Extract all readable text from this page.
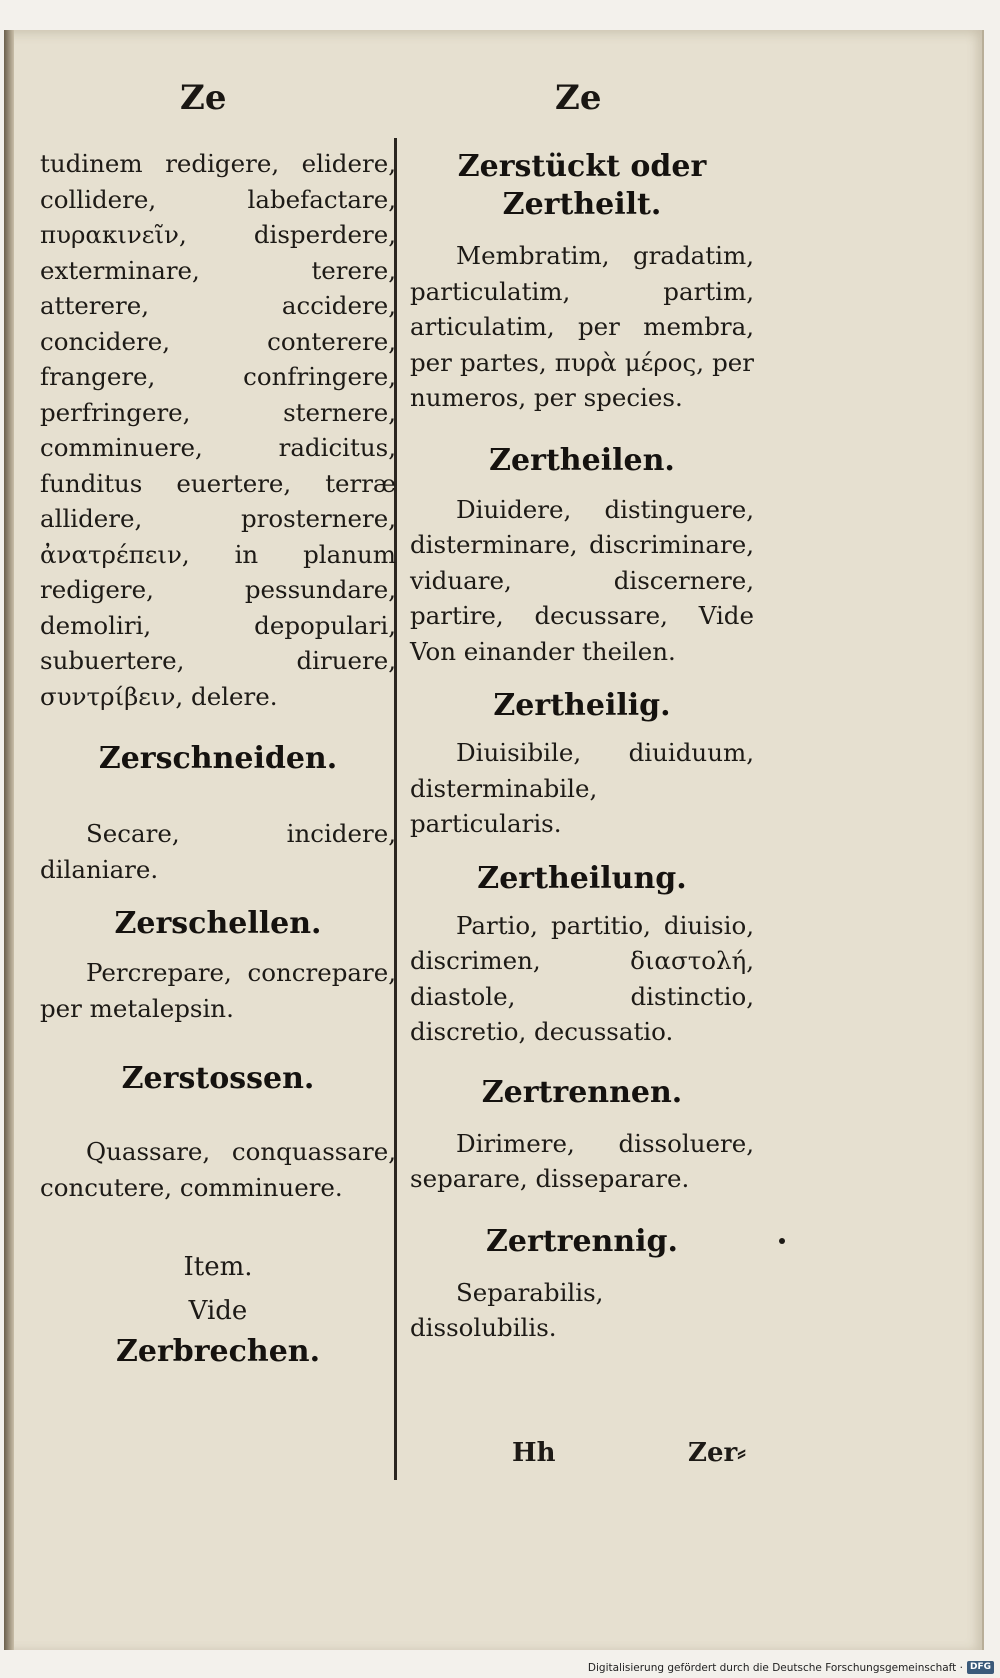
Ze	Ze

tudinem redigere, elidere, collidere, labefactare, πυρακινεῖν, disperdere, exterminare, terere, atterere, accidere, concidere, conterere, frangere, confringere, perfringere, sternere, comminuere, radicitus, funditus euertere, terræ allidere, prosternere, ἀνατρέπειν, in planum redigere, pessundare, demoliri, depopulari, subuertere, diruere, συντρίβειν, delere.

Zerschneiden.

Secare, incidere, dilaniare.

Zerschellen.

Percrepare, concrepare, per metalepsin.

Zerstossen.

Quassare, conquassare, concutere, comminuere.

Item.
Vide
Zerbrechen.
Zerstückt oder Zertheilt.

Membratim, gradatim, particulatim, partim, articulatim, per membra, per partes, πυρὰ μέρος, per numeros, per species.

Zertheilen.

Diuidere, distinguere, disterminare, discriminare, viduare, discernere, partire, decussare, Vide Von einander theilen.

Zertheilig.

Diuisibile, diuiduum, disterminabile, particularis.

Zertheilung.

Partio, partitio, diuisio, discrimen, διαστολή, diastole, distinctio, discretio, decussatio.

Zertrennen.

Dirimere, dissoluere, separare, disseparare.

Zertrennig.

Separabilis, dissolubilis.

Hh	Zer⸗
Digitalisierung gefördert durch die Deutsche Forschungsgemeinschaft · DFG
